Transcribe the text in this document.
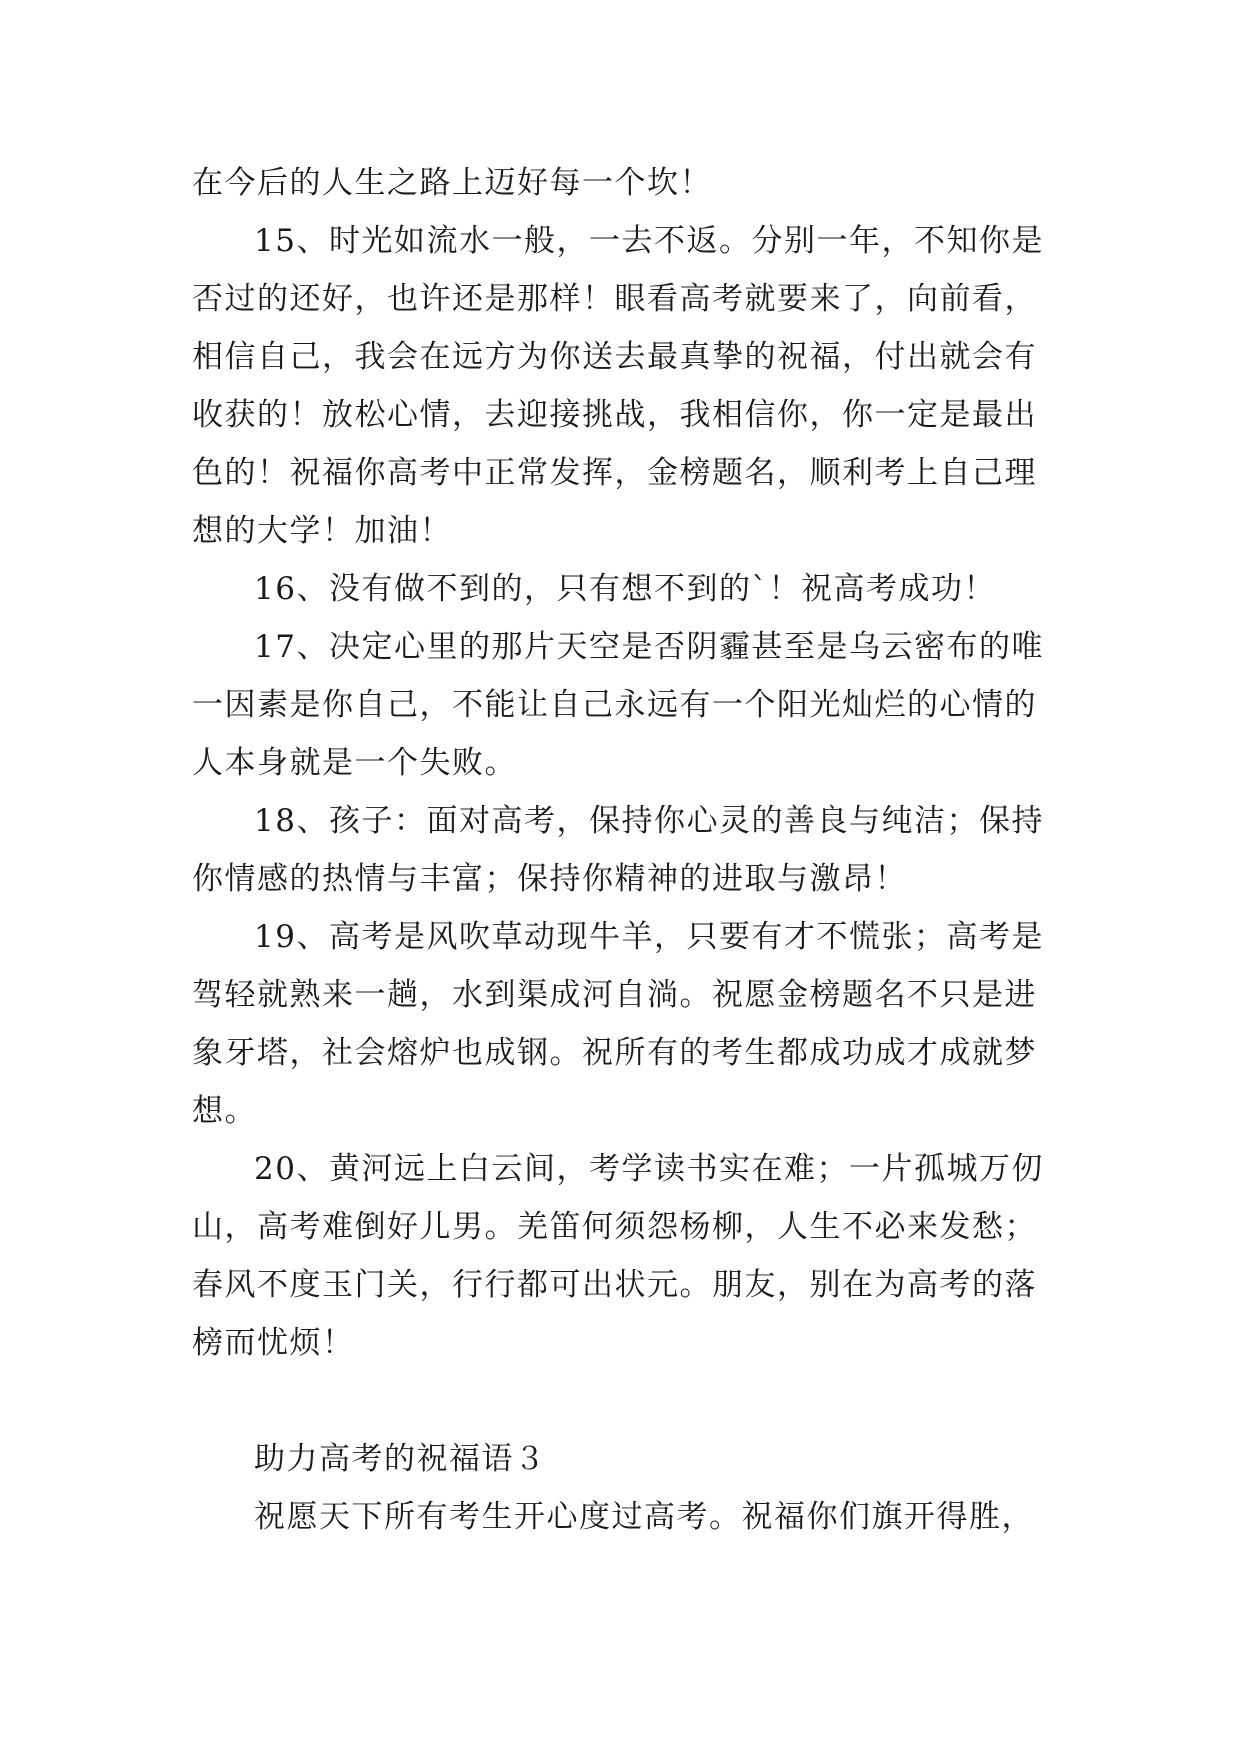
在今后的人生之路上迈好每一个坎！
15、时光如流水一般，一去不返。分别一年，不知你是
否过的还好，也许还是那样！眼看高考就要来了，向前看，
相信自己，我会在远方为你送去最真挚的祝福，付出就会有
收获的！放松心情，去迎接挑战，我相信你，你一定是最出
色的！祝福你高考中正常发挥，金榜题名，顺利考上自己理
想的大学！加油！
16、没有做不到的，只有想不到的`！祝高考成功！
17、决定心里的那片天空是否阴霾甚至是乌云密布的唯
一因素是你自己，不能让自己永远有一个阳光灿烂的心情的
人本身就是一个失败。
18、孩子：面对高考，保持你心灵的善良与纯洁；保持
你情感的热情与丰富；保持你精神的进取与激昂！
19、高考是风吹草动现牛羊，只要有才不慌张；高考是
驾轻就熟来一趟，水到渠成河自淌。祝愿金榜题名不只是进
象牙塔，社会熔炉也成钢。祝所有的考生都成功成才成就梦
想。
20、黄河远上白云间，考学读书实在难；一片孤城万仞
山，高考难倒好儿男。羌笛何须怨杨柳，人生不必来发愁；
春风不度玉门关，行行都可出状元。朋友，别在为高考的落
榜而忧烦！
助力高考的祝福语３
祝愿天下所有考生开心度过高考。祝福你们旗开得胜，
